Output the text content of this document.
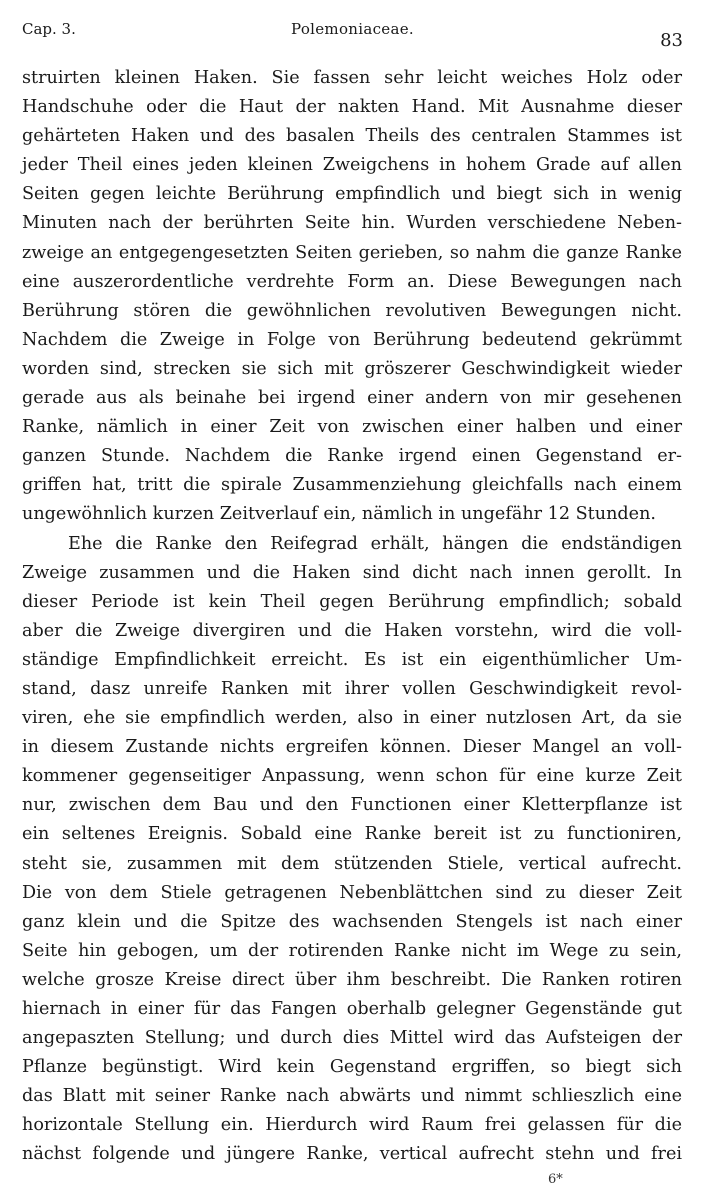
Cap. 3.	Polemoniaceae.
83
struirten kleinen Haken. Sie fassen sehr leicht weiches Holz oder
Handschuhe oder die Haut der nakten Hand. Mit Ausnahme dieser
gehärteten Haken und des basalen Theils des centralen Stammes ist
jeder Theil eines jeden kleinen Zweigchens in hohem Grade auf allen
Seiten gegen leichte Berührung empfindlich und biegt sich in wenig
Minuten nach der berührten Seite hin. Wurden verschiedene Neben-
zweige an entgegengesetzten Seiten gerieben, so nahm die ganze Ranke
eine auszerordentliche verdrehte Form an. Diese Bewegungen nach
Berührung stören die gewöhnlichen revolutiven Bewegungen nicht.
Nachdem die Zweige in Folge von Berührung bedeutend gekrümmt
worden sind, strecken sie sich mit gröszerer Geschwindigkeit wieder
gerade aus als beinahe bei irgend einer andern von mir gesehenen
Ranke, nämlich in einer Zeit von zwischen einer halben und einer
ganzen Stunde. Nachdem die Ranke irgend einen Gegenstand er-
griffen hat, tritt die spirale Zusammenziehung gleichfalls nach einem
ungewöhnlich kurzen Zeitverlauf ein, nämlich in ungefähr 12 Stunden.
Ehe die Ranke den Reifegrad erhält, hängen die endständigen
Zweige zusammen und die Haken sind dicht nach innen gerollt. In
dieser Periode ist kein Theil gegen Berührung empfindlich; sobald
aber die Zweige divergiren und die Haken vorstehn, wird die voll-
ständige Empfindlichkeit erreicht. Es ist ein eigenthümlicher Um-
stand, dasz unreife Ranken mit ihrer vollen Geschwindigkeit revol-
viren, ehe sie empfindlich werden, also in einer nutzlosen Art, da sie
in diesem Zustande nichts ergreifen können. Dieser Mangel an voll-
kommener gegenseitiger Anpassung, wenn schon für eine kurze Zeit
nur, zwischen dem Bau und den Functionen einer Kletterpflanze ist
ein seltenes Ereignis. Sobald eine Ranke bereit ist zu functioniren,
steht sie, zusammen mit dem stützenden Stiele, vertical aufrecht.
Die von dem Stiele getragenen Nebenblättchen sind zu dieser Zeit
ganz klein und die Spitze des wachsenden Stengels ist nach einer
Seite hin gebogen, um der rotirenden Ranke nicht im Wege zu sein,
welche grosze Kreise direct über ihm beschreibt. Die Ranken rotiren
hiernach in einer für das Fangen oberhalb gelegner Gegenstände gut
angepaszten Stellung; und durch dies Mittel wird das Aufsteigen der
Pflanze begünstigt. Wird kein Gegenstand ergriffen, so biegt sich
das Blatt mit seiner Ranke nach abwärts und nimmt schlieszlich eine
horizontale Stellung ein. Hierdurch wird Raum frei gelassen für die
nächst folgende und jüngere Ranke, vertical aufrecht stehn und frei
6*
